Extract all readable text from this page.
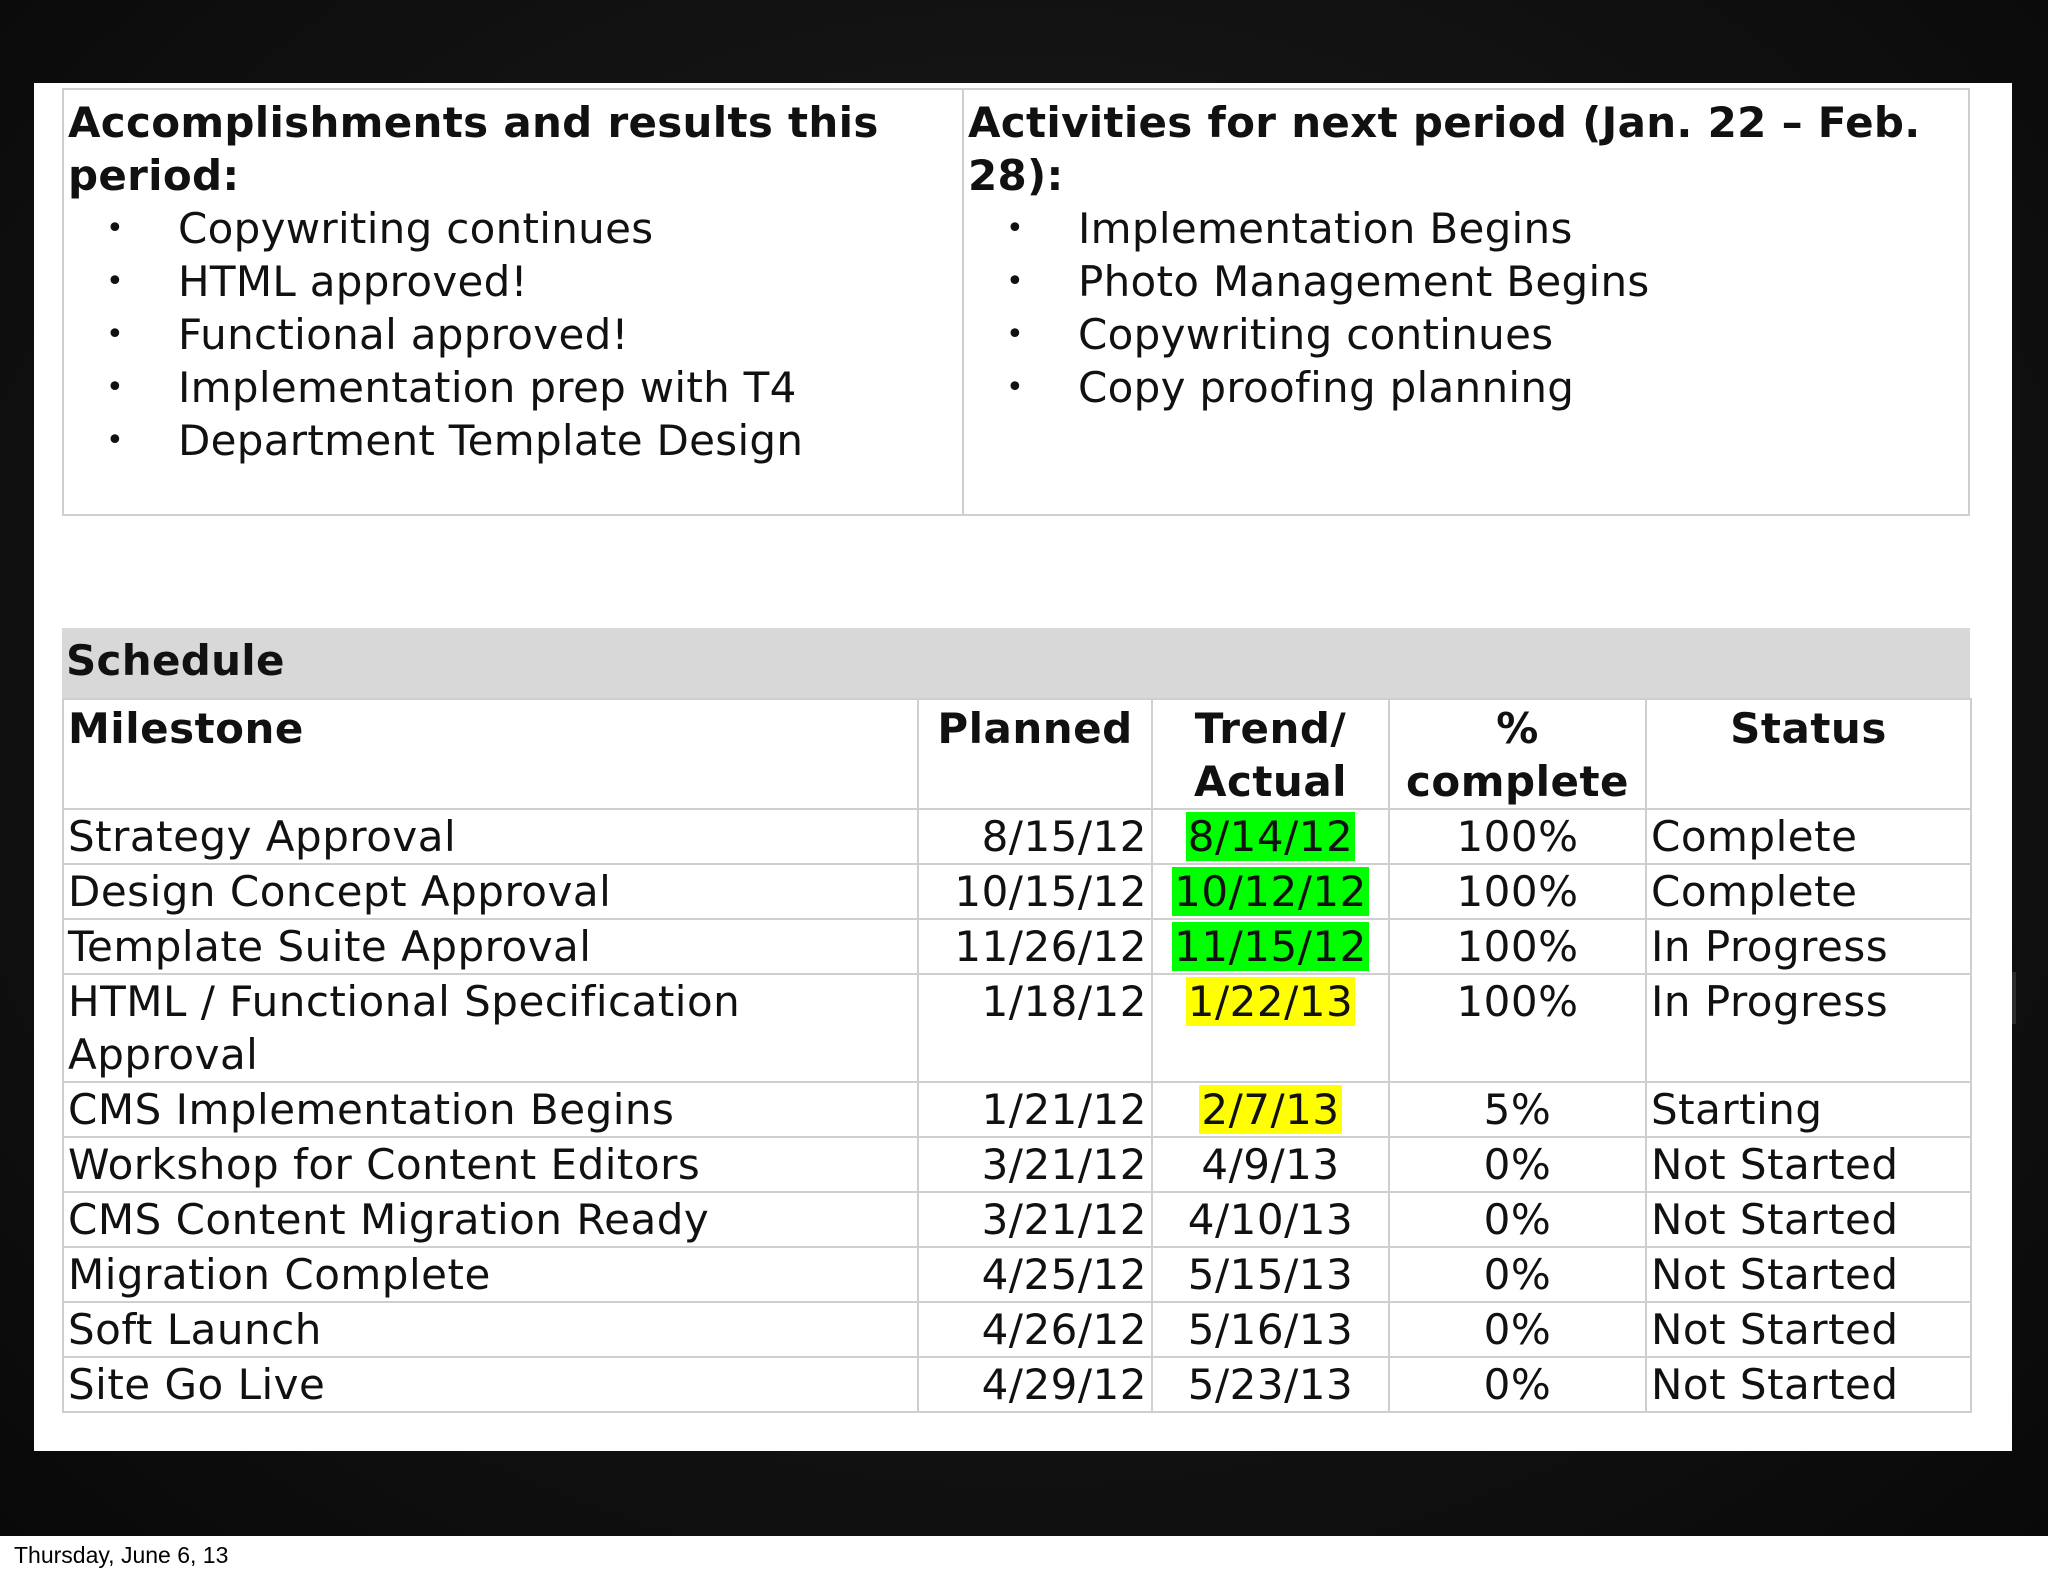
Accomplishments and results this period:

•	Copywriting continues
•	HTML approved!
•	Functional approved!
•	Implementation prep with T4
•	Department Template Design

Activities for next period (Jan. 22 – Feb. 28):

•	Implementation Begins
•	Photo Management Begins
•	Copywriting continues
•	Copy proofing planning
Schedule
Milestone	Planned	Trend/ Actual	% complete	Status
Strategy Approval	8/15/12	8/14/12	100%	Complete
Design Concept Approval	10/15/12	10/12/12	100%	Complete
Template Suite Approval	11/26/12	11/15/12	100%	In Progress
HTML / Functional Specification Approval	1/18/12	1/22/13	100%	In Progress
CMS Implementation Begins	1/21/12	2/7/13	5%	Starting
Workshop for Content Editors	3/21/12	4/9/13	0%	Not Started
CMS Content Migration Ready	3/21/12	4/10/13	0%	Not Started
Migration Complete	4/25/12	5/15/13	0%	Not Started
Soft Launch	4/26/12	5/16/13	0%	Not Started
Site Go Live	4/29/12	5/23/13	0%	Not Started
Thursday, June 6, 13
